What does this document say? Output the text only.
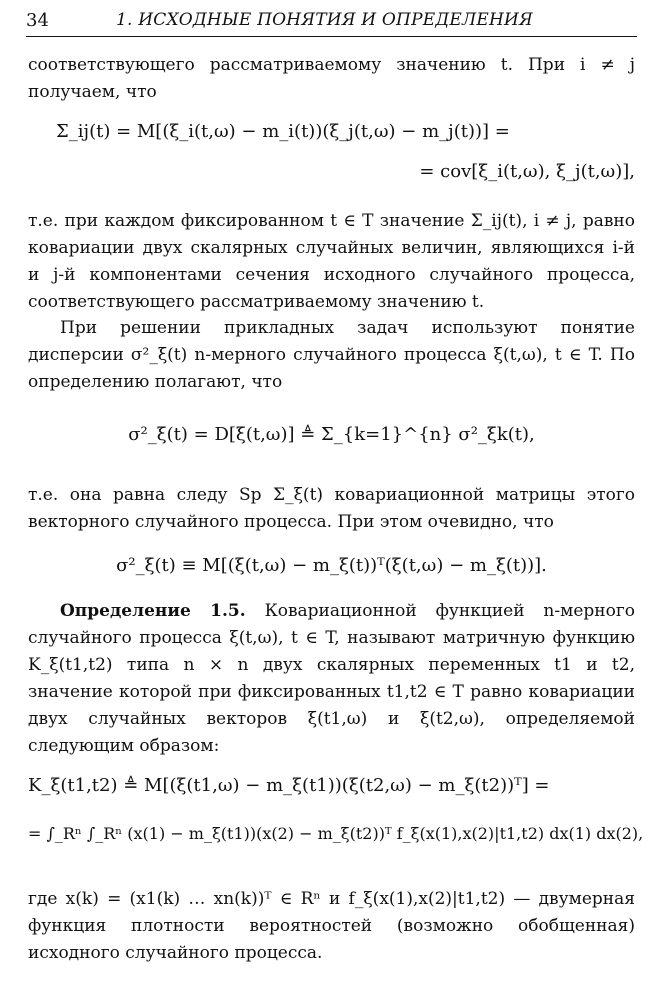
34	1. ИСХОДНЫЕ ПОНЯТИЯ И ОПРЕДЕЛЕНИЯ
соответствующего рассматриваемому значению t. При i ≠ j получаем, что
Σ_ij(t) = M[(ξ_i(t,ω) − m_i(t))(ξ_j(t,ω) − m_j(t))] =
= cov[ξ_i(t,ω), ξ_j(t,ω)],
т.е. при каждом фиксированном t ∈ T значение Σ_ij(t), i ≠ j, равно ковариации двух скалярных случайных величин, являющихся i-й и j-й компонентами сечения исходного случайного процесса, соответствующего рассматриваемому значению t.
При решении прикладных задач используют понятие дисперсии σ²_ξ(t) n-мерного случайного процесса ξ(t,ω), t ∈ T. По определению полагают, что
σ²_ξ(t) = D[ξ(t,ω)] ≜ Σ_{k=1}^{n} σ²_ξk(t),
т.е. она равна следу Sp Σ_ξ(t) ковариационной матрицы этого векторного случайного процесса. При этом очевидно, что
σ²_ξ(t) ≡ M[(ξ(t,ω) − m_ξ(t))ᵀ(ξ(t,ω) − m_ξ(t))].
Определение 1.5. Ковариационной функцией n-мерного случайного процесса ξ(t,ω), t ∈ T, называют матричную функцию K_ξ(t1,t2) типа n × n двух скалярных переменных t1 и t2, значение которой при фиксированных t1,t2 ∈ T равно ковариации двух случайных векторов ξ(t1,ω) и ξ(t2,ω), определяемой следующим образом:
K_ξ(t1,t2) ≜ M[(ξ(t1,ω) − m_ξ(t1))(ξ(t2,ω) − m_ξ(t2))ᵀ] =
= ∫_Rⁿ ∫_Rⁿ (x(1) − m_ξ(t1))(x(2) − m_ξ(t2))ᵀ f_ξ(x(1),x(2)|t1,t2) dx(1) dx(2),
где x(k) = (x1(k) … xn(k))ᵀ ∈ Rⁿ и f_ξ(x(1),x(2)|t1,t2) — двумерная функция плотности вероятностей (возможно обобщенная) исходного случайного процесса.
